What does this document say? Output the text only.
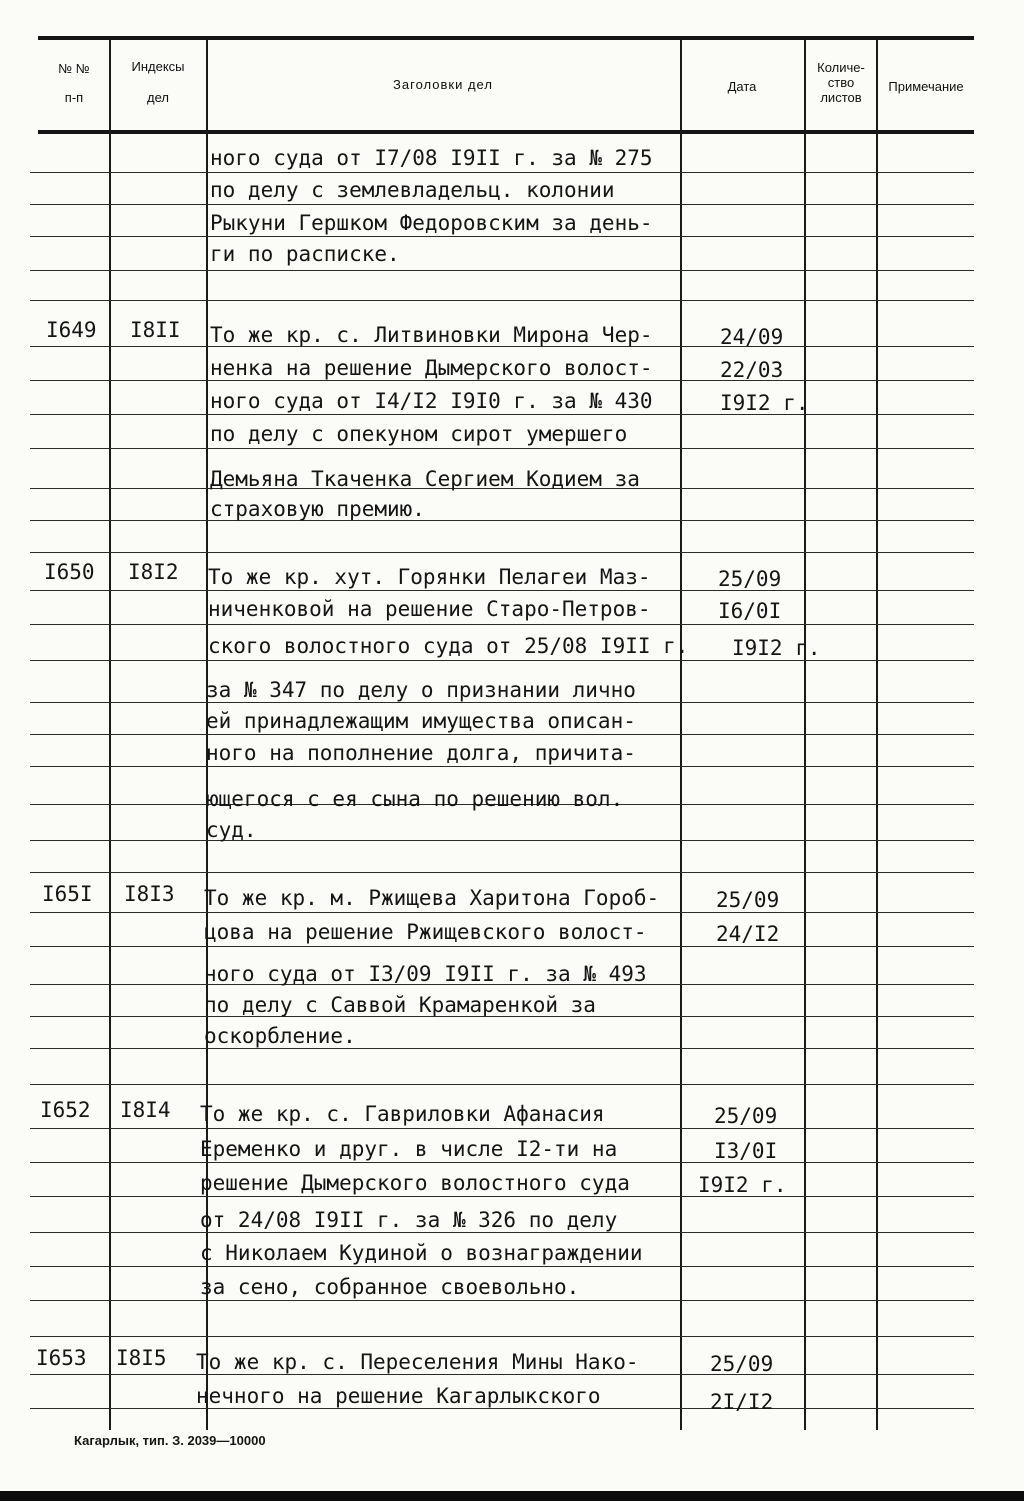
№ №
п-п
Индексы
дел
Заголовки дел	Дата
Количе-
ство
листов
Примечание
ного суда от I7/08 I9II г. за № 275
по делу с землевладельц. колонии
Рыкуни Гершком Федоровским за день-
ги по расписке.
I649 I8II То же кр. с. Литвиновки Мирона Чер-
ненка на решение Дымерского волост-
ного суда от I4/I2 I9I0 г. за № 430
по делу с опекуном сирот умершего
Демьяна Ткаченка Сергием Кодием за
страховую премию.
24/09
22/03
I9I2 г.
I650 I8I2 То же кр. хут. Горянки Пелагеи Маз-
ниченковой на решение Старо-Петров-
ского волостного суда от 25/08 I9II г.
за № 347 по делу о признании лично
ей принадлежащим имущества описан-
ного на пополнение долга, причита-
ющегося с ея сына по решению вол.
суд.
25/09
I6/0I
I9I2 г.
I65I I8I3 То же кр. м. Ржищева Харитона Гороб-
цова на решение Ржищевского волост-
ного суда от I3/09 I9II г. за № 493
по делу с Саввой Крамаренкой за
оскорбление.
25/09
24/I2
I652 I8I4 То же кр. с. Гавриловки Афанасия
Еременко и друг. в числе I2-ти на
решение Дымерского волостного суда
от 24/08 I9II г. за № 326 по делу
с Николаем Кудиной о вознаграждении
за сено, собранное своевольно.
25/09
I3/0I
I9I2 г.
I653 I8I5 То же кр. с. Переселения Мины Нако-
нечного на решение Кагарлыкского
25/09
2I/I2
Кагарлык, тип. З. 2039—10000
